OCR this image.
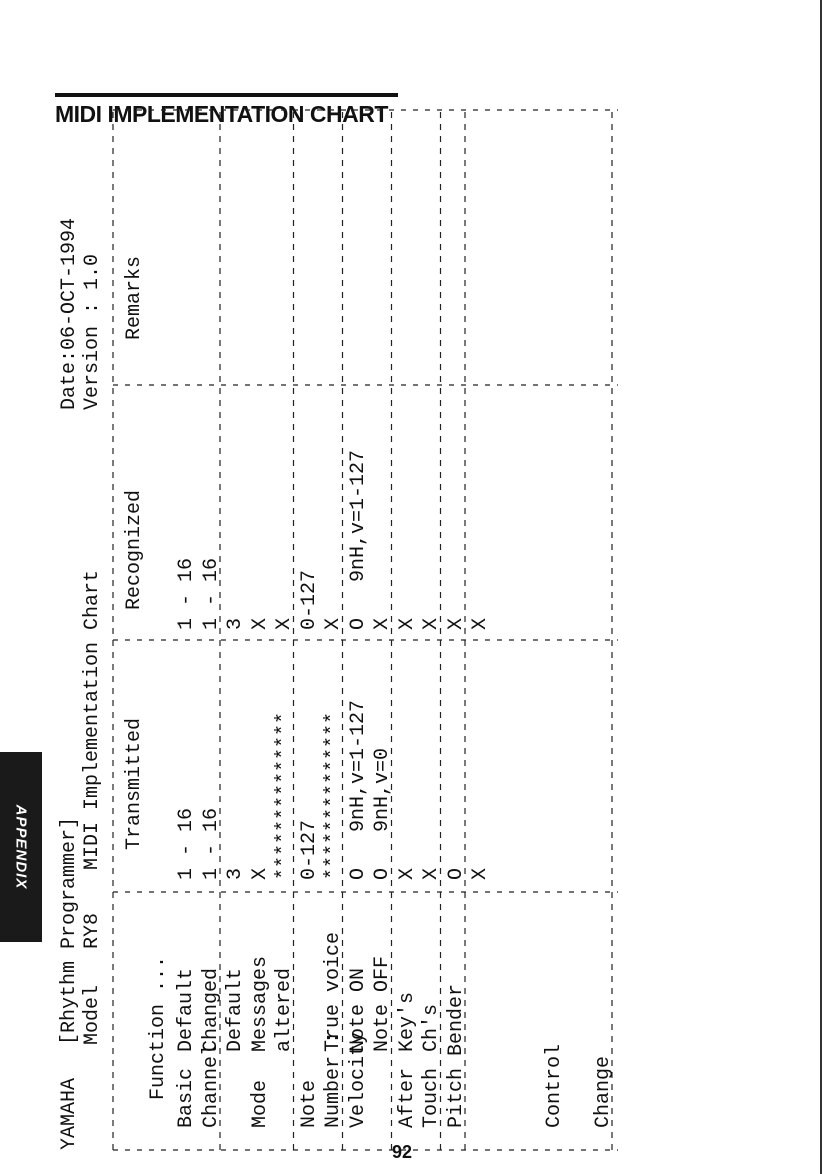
MIDI IMPLEMENTATION CHART
APPENDIX
92
YAMAHA
[Rhythm Programmer] Model   RY8
MIDI Implementation Chart
Date:06-OCT-1994 Version : 1.0
Function ...
Transmitted
Recognized
Remarks
Basic
Default
1 - 16
1 - 16
Channel
Changed
1 - 16
1 - 16
Default
3
3
Mode
Messages
X
X
altered
**************
X
Note
0-127
0-127
Number :
True voice
**************
X
Velocity
Note ON
O   9nH,v=1-127
O   9nH,v=1-127
Note OFF
O   9nH,v=0
X
After
Key's
X
X
Touch
Ch's
X
X
Pitch Bender
O
X
X
X
Control Change
